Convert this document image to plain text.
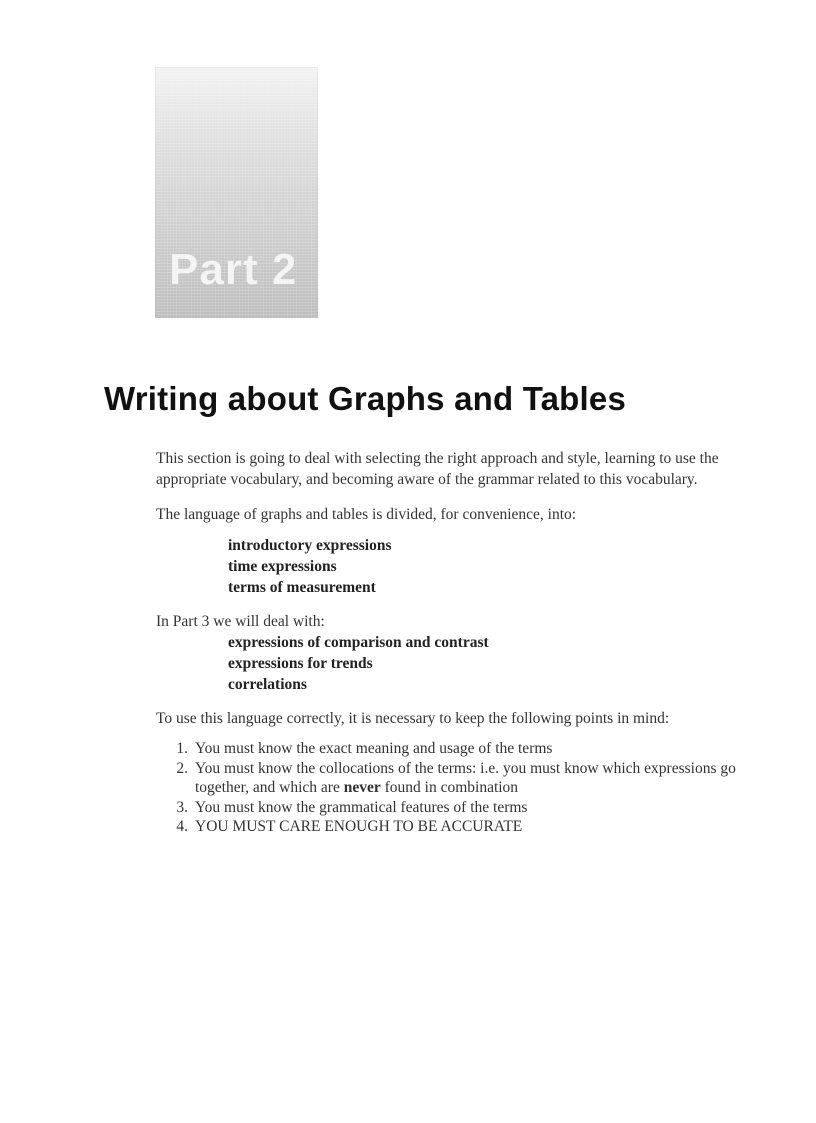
Part 2
Writing about Graphs and Tables

This section is going to deal with selecting the right approach and style, learning to use the appropriate vocabulary, and becoming aware of the grammar related to this vocabulary.

The language of graphs and tables is divided, for convenience, into:

introductory expressions
time expressions
terms of measurement

In Part 3 we will deal with:

expressions of comparison and contrast
expressions for trends
correlations

To use this language correctly, it is necessary to keep the following points in mind:

1. You must know the exact meaning and usage of the terms
2. You must know the collocations of the terms: i.e. you must know which expressions go together, and which are never found in combination
3. You must know the grammatical features of the terms
4. YOU MUST CARE ENOUGH TO BE ACCURATE
